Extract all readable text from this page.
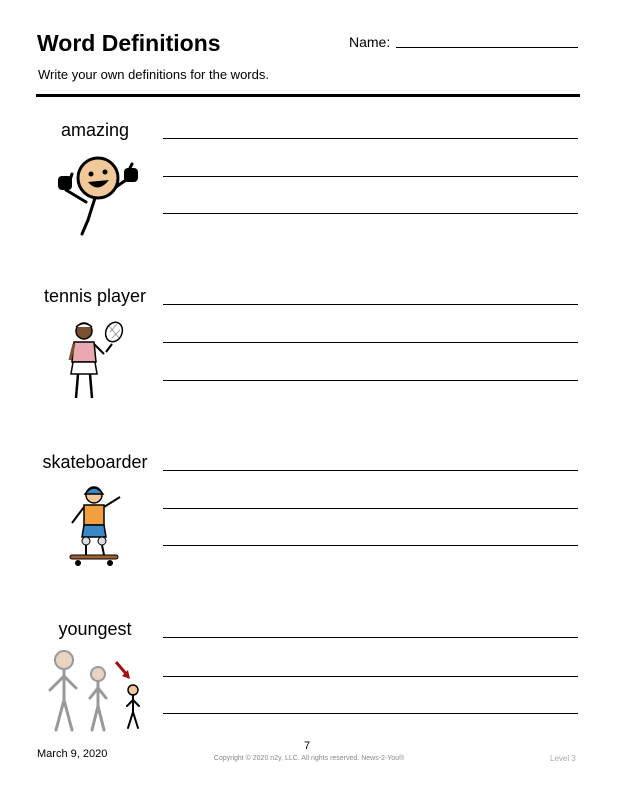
Word Definitions	Name:
Write your own definitions for the words.
amazing
tennis player
skateboarder
youngest
March 9, 2020
7
Copyright © 2020 n2y, LLC. All rights reserved. News-2-You®	Level 3
